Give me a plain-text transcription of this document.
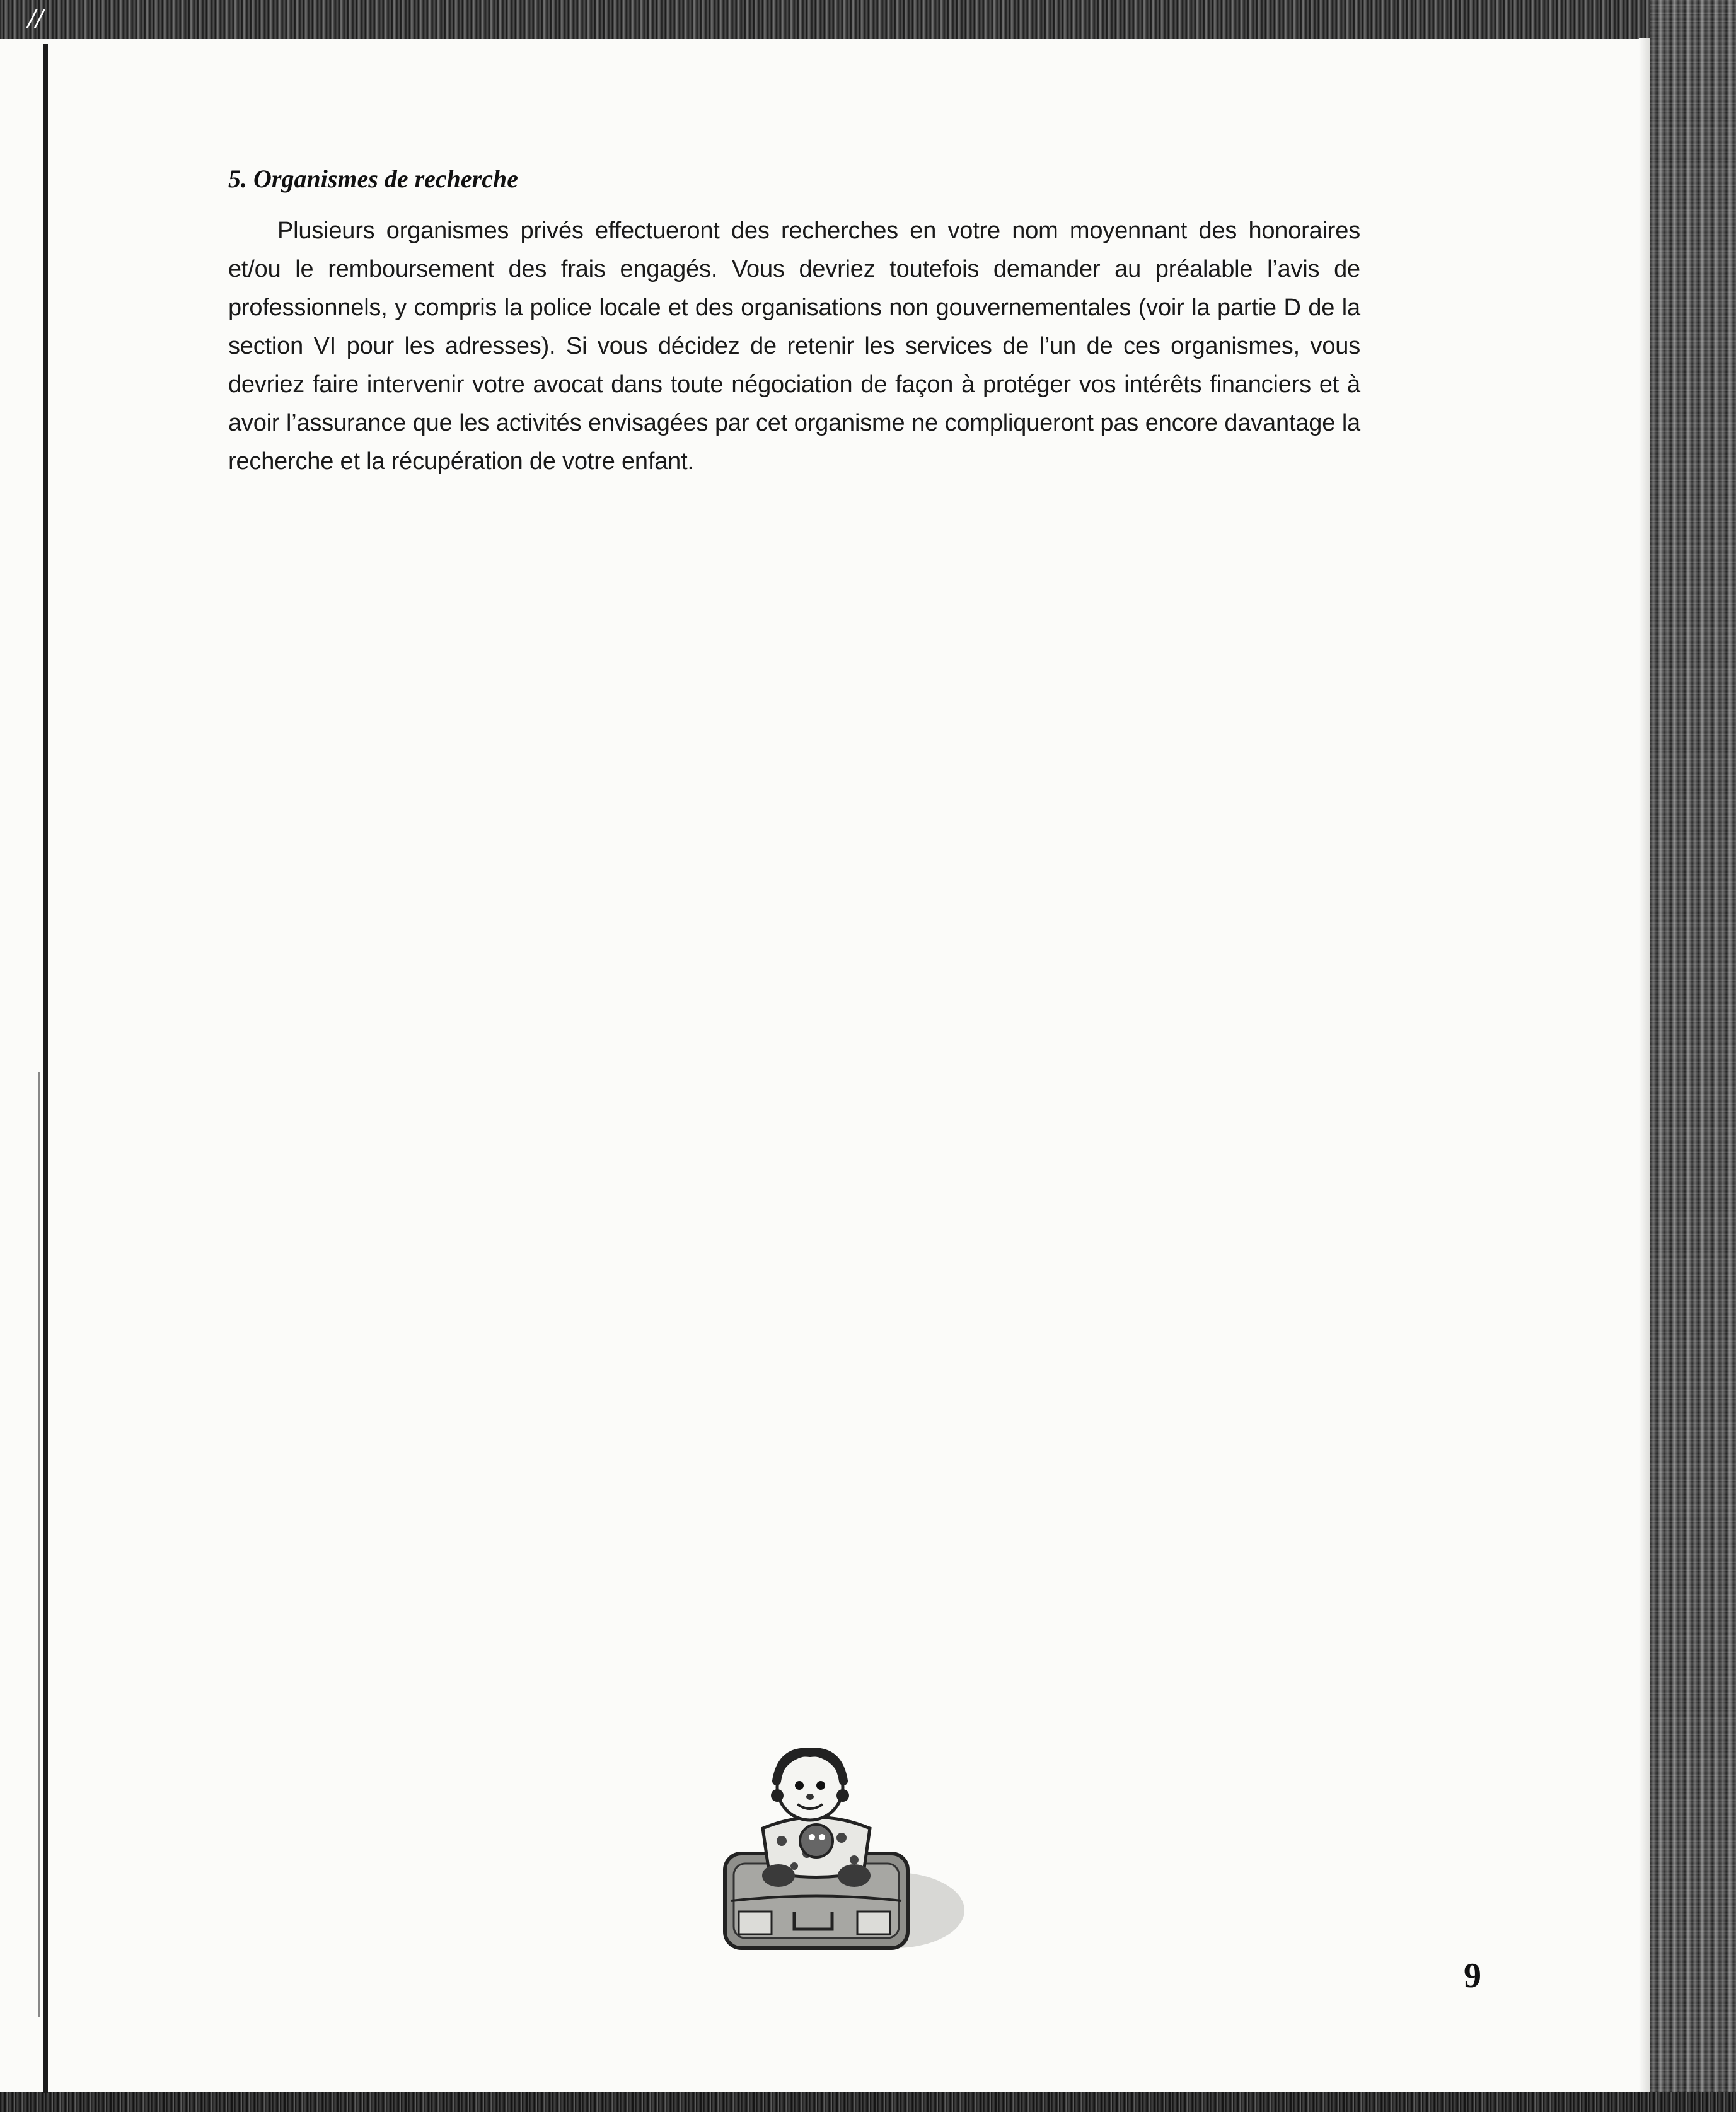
//
5. Organismes de recherche

Plusieurs organismes privés effectueront des recherches en votre nom moyennant des honoraires et/ou le remboursement des frais engagés. Vous devriez toutefois demander au préalable l’avis de professionnels, y compris la police locale et des organisations non gouvernementales (voir la partie D de la section VI pour les adresses). Si vous décidez de retenir les services de l’un de ces organismes, vous devriez faire intervenir votre avocat dans toute négociation de façon à protéger vos intérêts financiers et à avoir l’assurance que les activités envisagées par cet organisme ne compliqueront pas encore davantage la recherche et la récupération de votre enfant.

9
